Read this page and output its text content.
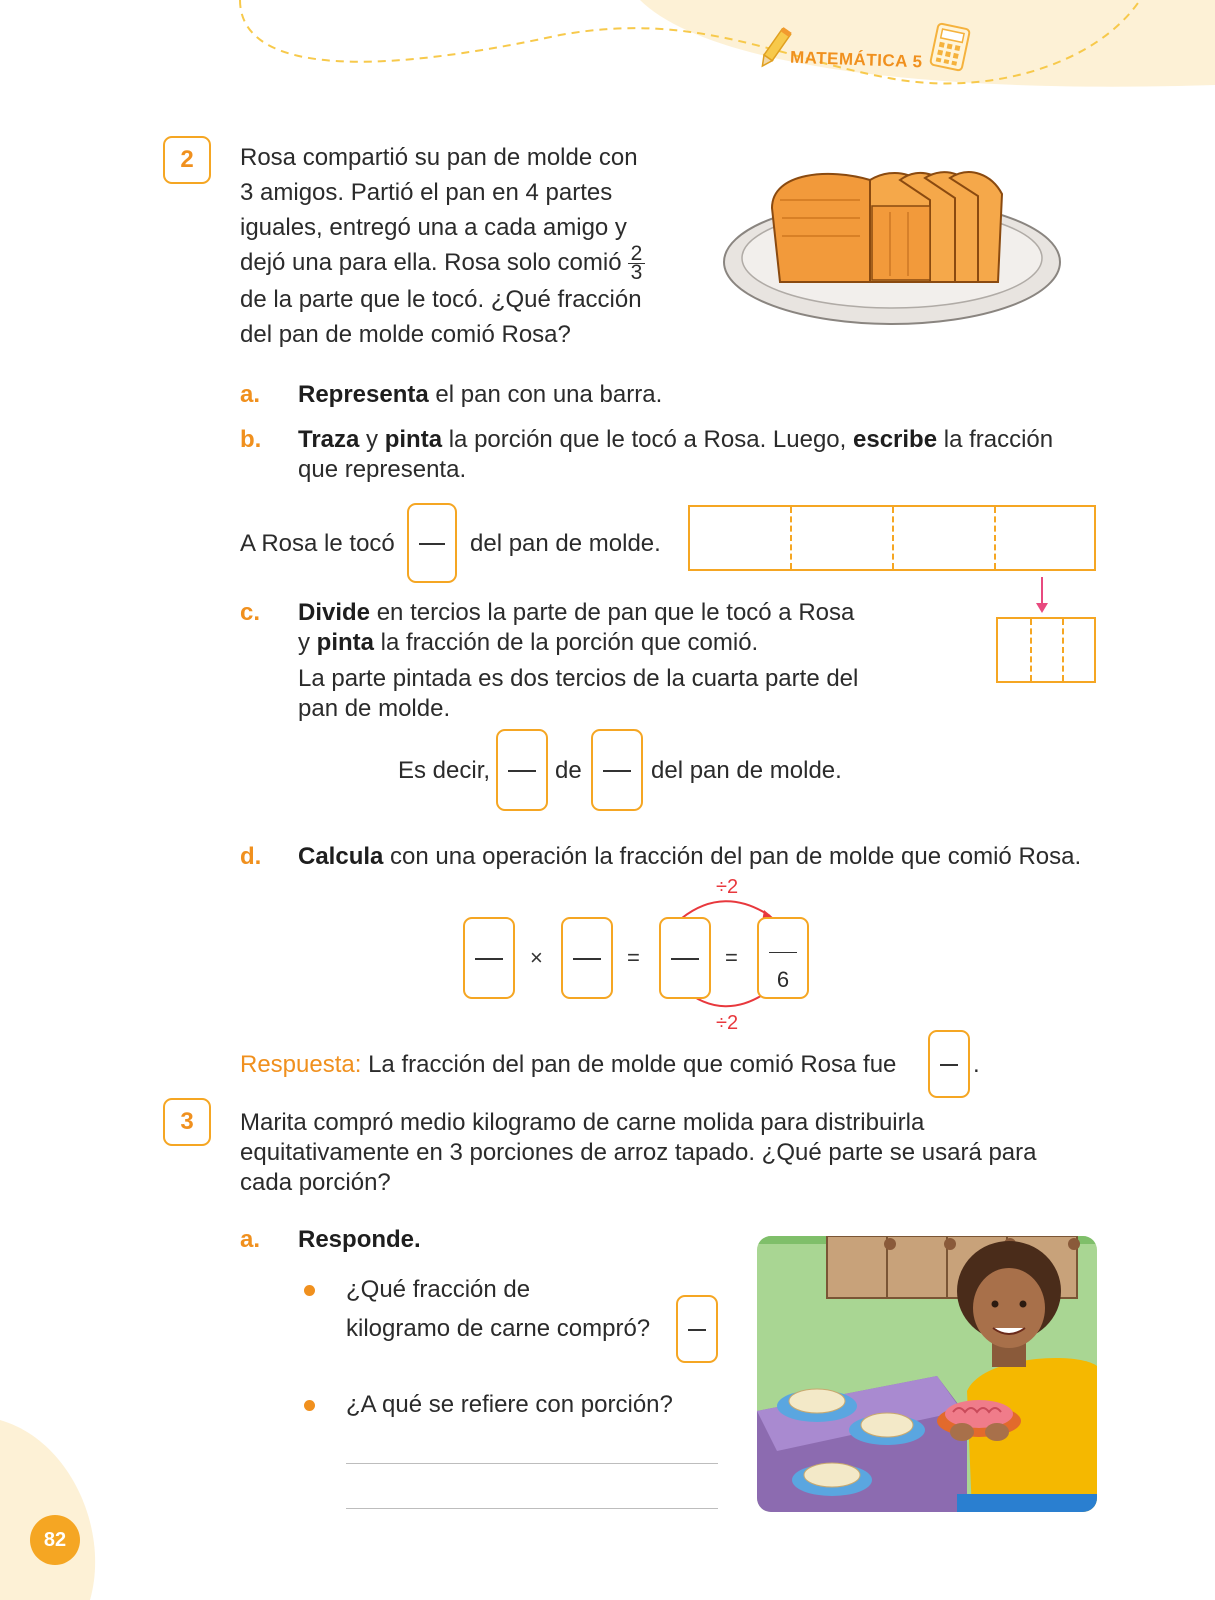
MATEMÁTICA 5
2	Rosa compartió su pan de molde con
3 amigos. Partió el pan en 4 partes
iguales, entregó una a cada amigo y
dejó una para ella. Rosa solo comió $\frac{2}{3}$
de la parte que le tocó. ¿Qué fracción
del pan de molde comió Rosa?
a. Representa el pan con una barra.
b. Traza y pinta la porción que le tocó a Rosa. Luego, escribe la fracción
que representa.
A Rosa le tocó	del pan de molde.
c. Divide en tercios la parte de pan que le tocó a Rosa
y pinta la fracción de la porción que comió.
La parte pintada es dos tercios de la cuarta parte del
pan de molde.
Es decir,	de	del pan de molde.
d. Calcula con una operación la fracción del pan de molde que comió Rosa.
÷2
÷2
×	=	=
6
Respuesta: La fracción del pan de molde que comió Rosa fue	.
3	Marita compró medio kilogramo de carne molida para distribuirla
equitativamente en 3 porciones de arroz tapado. ¿Qué parte se usará para
cada porción?
a. Responde.
¿Qué fracción de
kilogramo de carne compró?
¿A qué se refiere con porción?
82
